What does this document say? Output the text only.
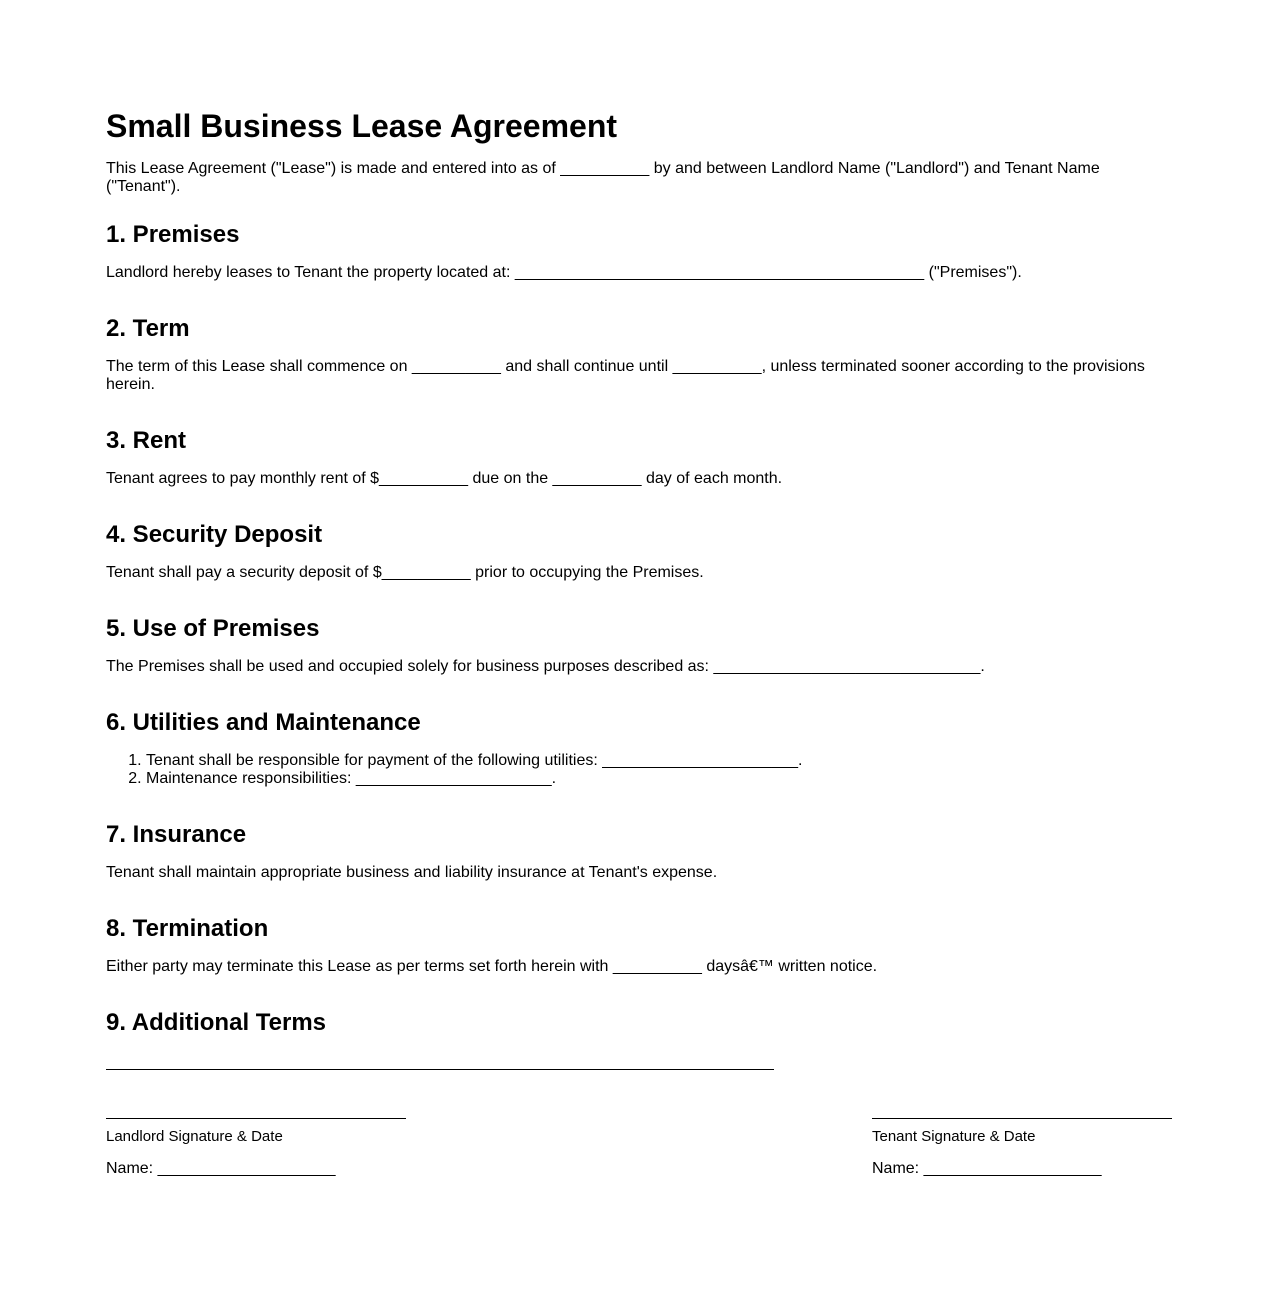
Small Business Lease Agreement

This Lease Agreement ("Lease") is made and entered into as of __________ by and between Landlord Name ("Landlord") and Tenant Name ("Tenant").

1. Premises

Landlord hereby leases to Tenant the property located at: ______________________________________________ ("Premises").

2. Term

The term of this Lease shall commence on __________ and shall continue until __________, unless terminated sooner according to the provisions herein.

3. Rent

Tenant agrees to pay monthly rent of $__________ due on the __________ day of each month.

4. Security Deposit

Tenant shall pay a security deposit of $__________ prior to occupying the Premises.

5. Use of Premises

The Premises shall be used and occupied solely for business purposes described as: ______________________________.

6. Utilities and Maintenance
1. Tenant shall be responsible for payment of the following utilities: ______________________.
2. Maintenance responsibilities: ______________________.
7. Insurance

Tenant shall maintain appropriate business and liability insurance at Tenant's expense.

8. Termination

Either party may terminate this Lease as per terms set forth herein with __________ daysâ€™ written notice.

9. Additional Terms
Landlord Signature & Date
Name: ____________________
Tenant Signature & Date
Name: ____________________
